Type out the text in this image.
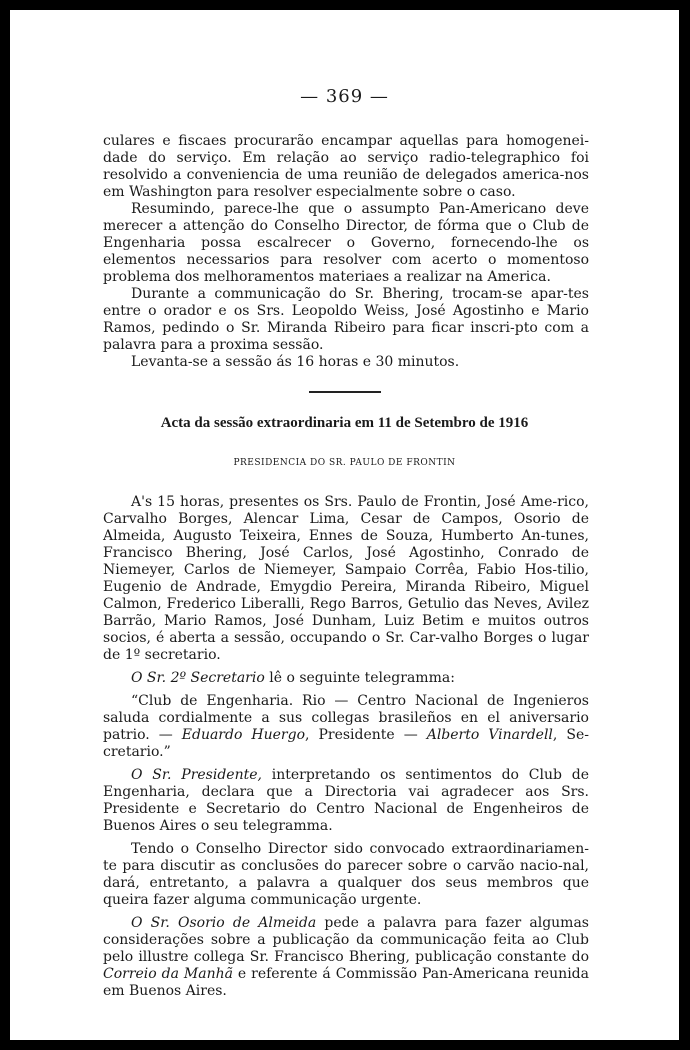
— 369 —

culares e fiscaes procurarão encampar aquellas para homogenei-dade do serviço. Em relação ao serviço radio-telegraphico foi resolvido a conveniencia de uma reunião de delegados america-nos em Washington para resolver especialmente sobre o caso.

Resumindo, parece-lhe que o assumpto Pan-Americano deve merecer a attenção do Conselho Director, de fórma que o Club de Engenharia possa escalrecer o Governo, fornecendo-lhe os elementos necessarios para resolver com acerto o momentoso problema dos melhoramentos materiaes a realizar na America.

Durante a communicação do Sr. Bhering, trocam-se apar-tes entre o orador e os Srs. Leopoldo Weiss, José Agostinho e Mario Ramos, pedindo o Sr. Miranda Ribeiro para ficar inscri-pto com a palavra para a proxima sessão.

Levanta-se a sessão ás 16 horas e 30 minutos.

Acta da sessão extraordinaria em 11 de Setembro de 1916
PRESIDENCIA DO SR. PAULO DE FRONTIN

A's 15 horas, presentes os Srs. Paulo de Frontin, José Ame-rico, Carvalho Borges, Alencar Lima, Cesar de Campos, Osorio de Almeida, Augusto Teixeira, Ennes de Souza, Humberto An-tunes, Francisco Bhering, José Carlos, José Agostinho, Conrado de Niemeyer, Carlos de Niemeyer, Sampaio Corrêa, Fabio Hos-tilio, Eugenio de Andrade, Emygdio Pereira, Miranda Ribeiro, Miguel Calmon, Frederico Liberalli, Rego Barros, Getulio das Neves, Avilez Barrão, Mario Ramos, José Dunham, Luiz Betim e muitos outros socios, é aberta a sessão, occupando o Sr. Car-valho Borges o lugar de 1º secretario.

O Sr. 2º Secretario lê o seguinte telegramma:

“Club de Engenharia. Rio — Centro Nacional de Ingenieros saluda cordialmente a sus collegas brasileños en el aniversario patrio. — Eduardo Huergo, Presidente — Alberto Vinardell, Se-cretario.”

O Sr. Presidente, interpretando os sentimentos do Club de Engenharia, declara que a Directoria vai agradecer aos Srs. Presidente e Secretario do Centro Nacional de Engenheiros de Buenos Aires o seu telegramma.

Tendo o Conselho Director sido convocado extraordinariamen-te para discutir as conclusões do parecer sobre o carvão nacio-nal, dará, entretanto, a palavra a qualquer dos seus membros que queira fazer alguma communicação urgente.

O Sr. Osorio de Almeida pede a palavra para fazer algumas considerações sobre a publicação da communicação feita ao Club pelo illustre collega Sr. Francisco Bhering, publicação constante do Correio da Manhã e referente á Commissão Pan-Americana reunida em Buenos Aires.
